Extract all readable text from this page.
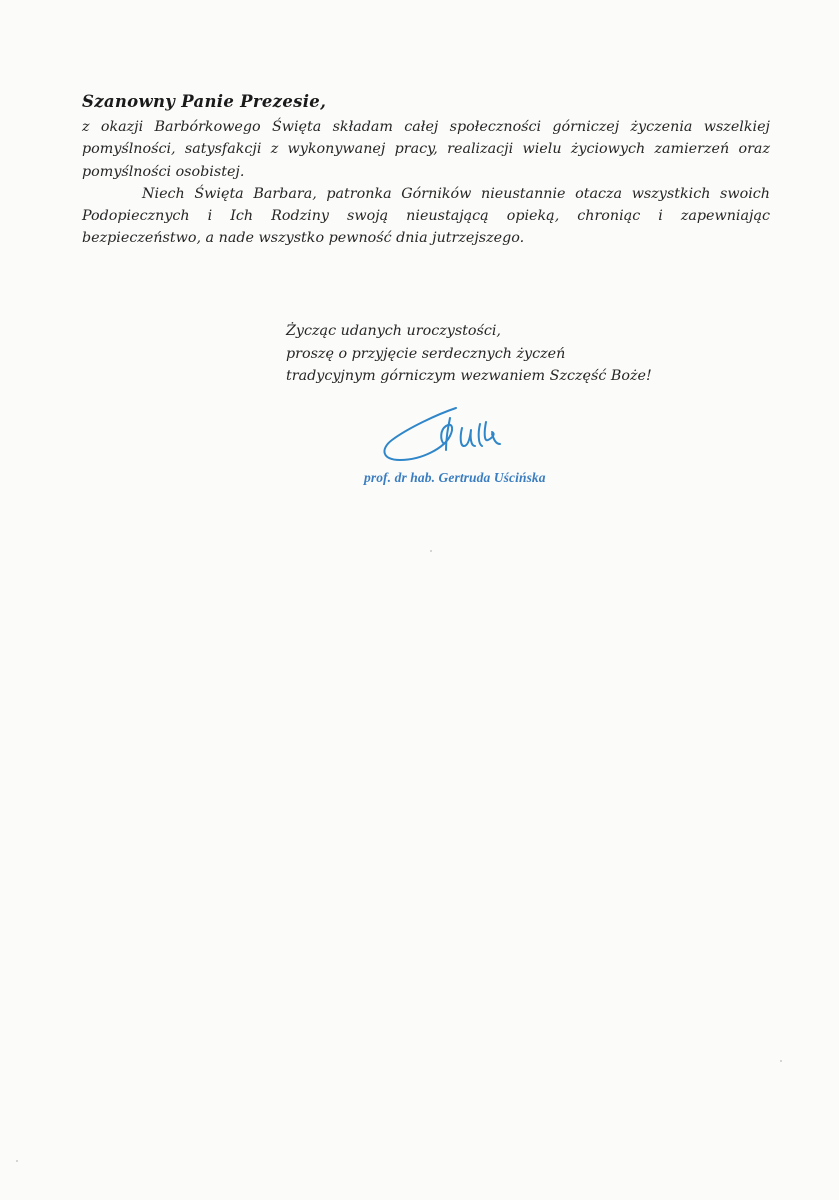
Szanowny Panie Prezesie,

z okazji Barbórkowego Święta składam całej społeczności górniczej życzenia wszelkiej pomyślności, satysfakcji z wykonywanej pracy, realizacji wielu życiowych zamierzeń oraz pomyślności osobistej.

Niech Święta Barbara, patronka Górników nieustannie otacza wszystkich swoich Podopiecznych i Ich Rodziny swoją nieustającą opieką, chroniąc i zapewniając bezpieczeństwo, a nade wszystko pewność dnia jutrzejszego.

Życząc udanych uroczystości,
proszę o przyjęcie serdecznych życzeń
tradycyjnym górniczym wezwaniem Szczęść Boże!
prof. dr hab. Gertruda Uścińska
